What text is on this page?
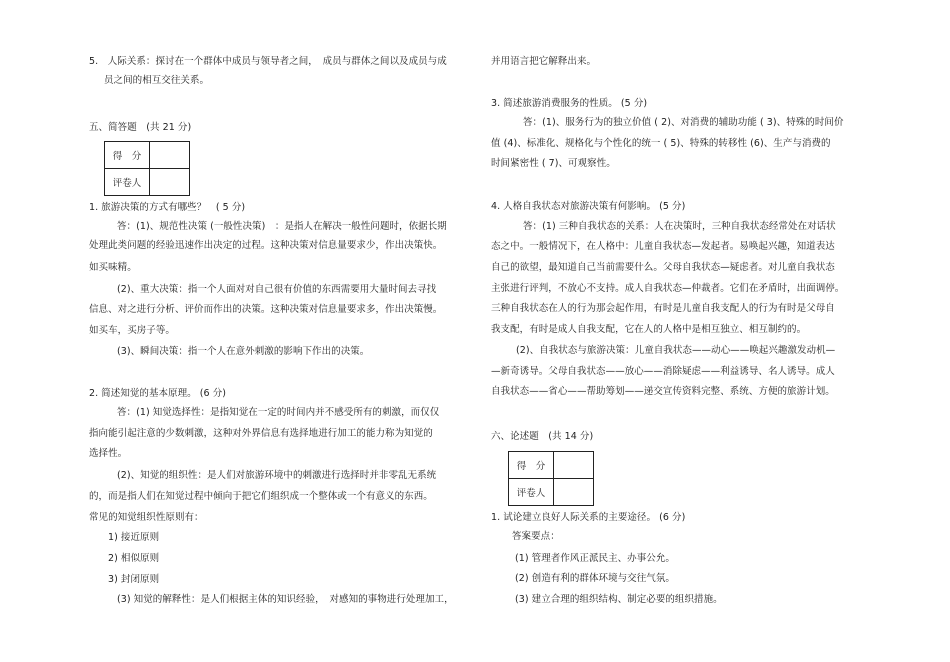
5.　人际关系：探讨在一个群体中成员与领导者之间，　成员与群体之间以及成员与成
员之间的相互交往关系。
五、简答题　(共 21 分)
得　分	
评卷人	
1. 旅游决策的方式有哪些？　( 5 分)
答：(1)、规范性决策 (一般性决策)　：是指人在解决一般性问题时，依据长期
处理此类问题的经验迅速作出决定的过程。这种决策对信息量要求少，作出决策快。
如买味精。
(2)、重大决策：指一个人面对对自己很有价值的东西需要用大量时间去寻找
信息、对之进行分析、评价而作出的决策。这种决策对信息量要求多，作出决策慢。
如买车，买房子等。
(3)、瞬间决策：指一个人在意外刺激的影响下作出的决策。
2. 简述知觉的基本原理。 (6 分)
答：(1) 知觉选择性：是指知觉在一定的时间内并不感受所有的刺激，而仅仅
指向能引起注意的少数刺激，这种对外界信息有选择地进行加工的能力称为知觉的
选择性。
(2)、知觉的组织性：是人们对旅游环境中的刺激进行选择时并非零乱无系统
的，而是指人们在知觉过程中倾向于把它们组织成一个整体或一个有意义的东西。
常见的知觉组织性原则有：
1) 接近原则
2) 相似原则
3) 封闭原则
(3) 知觉的解释性：是人们根据主体的知识经验，　对感知的事物进行处理加工，
并用语言把它解释出来。
3. 简述旅游消费服务的性质。 (5 分)
答：(1)、服务行为的独立价值 ( 2)、对消费的辅助功能 ( 3)、特殊的时间价
值 (4)、标准化、规格化与个性化的统一 ( 5)、特殊的转移性 (6)、生产与消费的
时间紧密性 ( 7)、可观察性。
4. 人格自我状态对旅游决策有何影响。 (5 分)
答：(1) 三种自我状态的关系：人在决策时，三种自我状态经常处在对话状
态之中。一般情况下，在人格中：儿童自我状态—发起者。易唤起兴趣，知道表达
自己的欲望，最知道自己当前需要什么。父母自我状态—疑虑者。对儿童自我状态
主张进行评判，不放心不支持。成人自我状态—仲裁者。它们在矛盾时，出面调停。
三种自我状态在人的行为那会起作用，有时是儿童自我支配人的行为有时是父母自
我支配，有时是成人自我支配，它在人的人格中是相互独立、相互制约的。
(2)、自我状态与旅游决策：儿童自我状态——动心——唤起兴趣激发动机—
—新奇诱导。父母自我状态——放心——消除疑虑——利益诱导、名人诱导。成人
自我状态——省心——帮助筹划——递交宣传资料完整、系统、方便的旅游计划。
六、论述题　(共 14 分)
得　分	
评卷人	
1. 试论建立良好人际关系的主要途径。 (6 分)
答案要点：
(1) 管理者作风正派民主、办事公允。
(2) 创造有利的群体环境与交往气氛。
(3) 建立合理的组织结构、制定必要的组织措施。
